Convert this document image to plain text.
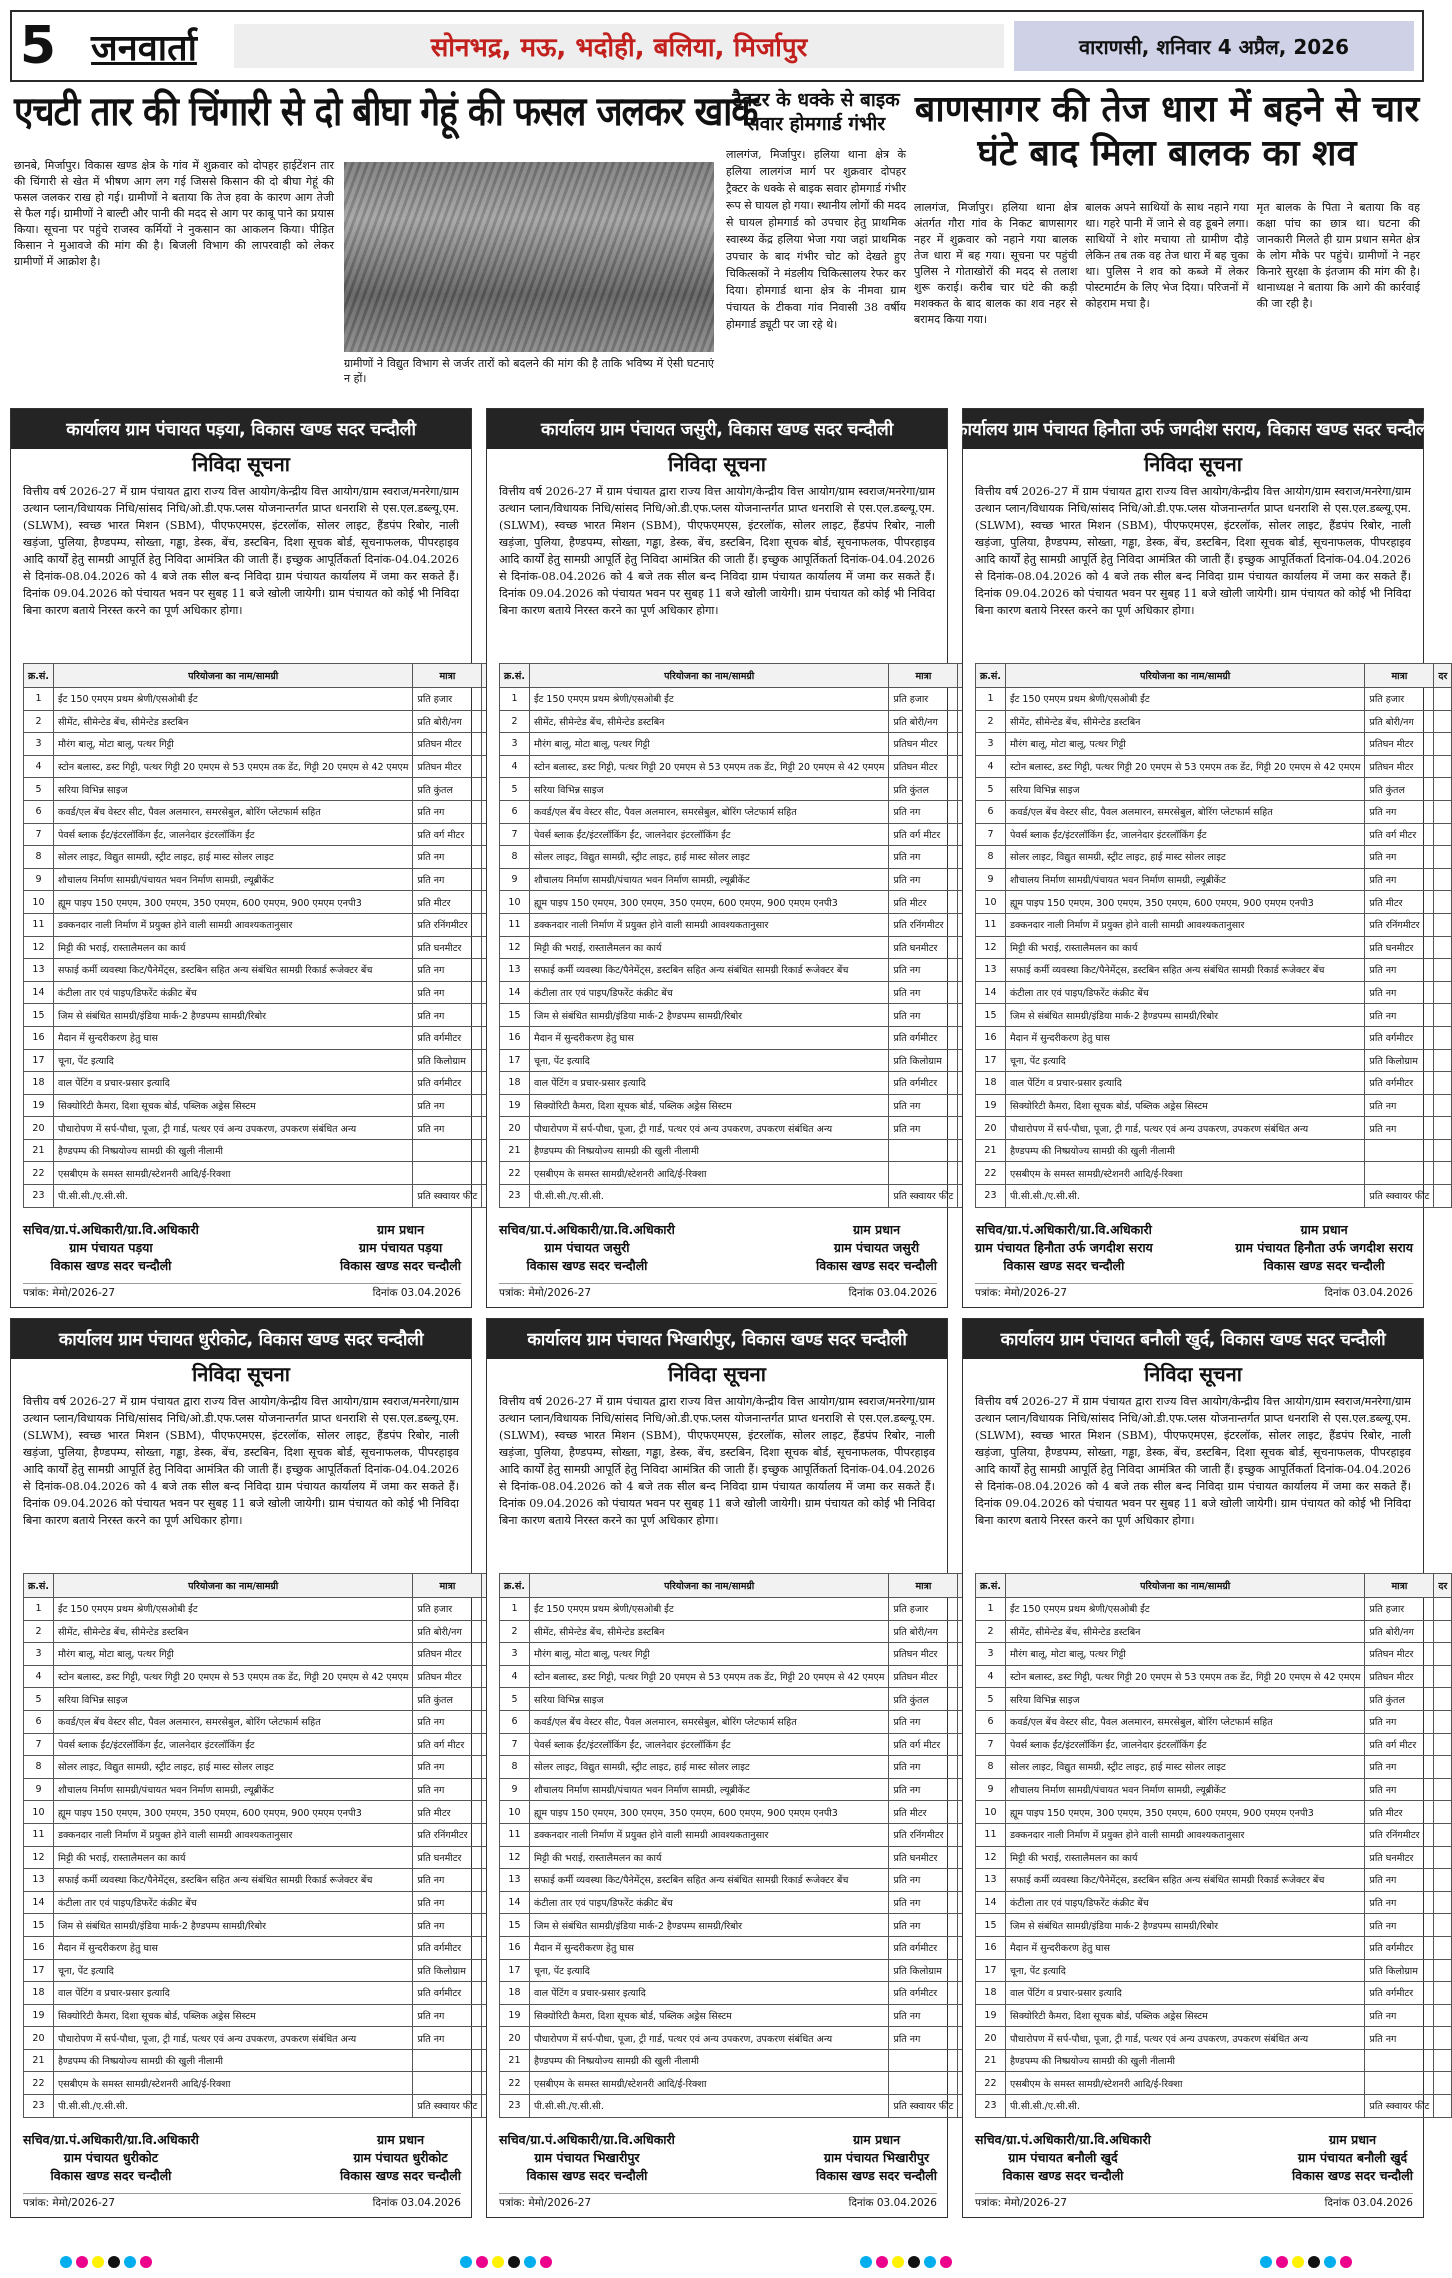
5 जनवार्ता	सोनभद्र, मऊ, भदोही, बलिया, मिर्जापुर	वाराणसी, शनिवार 4 अप्रैल, 2026
एचटी तार की चिंगारी से दो बीघा गेहूं की फसल जलकर खाक
छानबे, मिर्जापुर। विकास खण्ड क्षेत्र के गांव में शुक्रवार को दोपहर हाईटेंशन तार की चिंगारी से खेत में भीषण आग लग गई जिससे किसान की दो बीघा गेहूं की फसल जलकर राख हो गई। ग्रामीणों ने बताया कि तेज हवा के कारण आग तेजी से फैल गई। ग्रामीणों ने बाल्टी और पानी की मदद से आग पर काबू पाने का प्रयास किया। सूचना पर पहुंचे राजस्व कर्मियों ने नुकसान का आकलन किया। पीड़ित किसान ने मुआवजे की मांग की है। बिजली विभाग की लापरवाही को लेकर ग्रामीणों में आक्रोश है।
ग्रामीणों ने विद्युत विभाग से जर्जर तारों को बदलने की मांग की है ताकि भविष्य में ऐसी घटनाएं न हों।
ट्रैक्टर के धक्के से बाइक सवार होमगार्ड गंभीर
लालगंज, मिर्जापुर। हलिया थाना क्षेत्र के हलिया लालगंज मार्ग पर शुक्रवार दोपहर ट्रैक्टर के धक्के से बाइक सवार होमगार्ड गंभीर रूप से घायल हो गया। स्थानीय लोगों की मदद से घायल होमगार्ड को उपचार हेतु प्राथमिक स्वास्थ्य केंद्र हलिया भेजा गया जहां प्राथमिक उपचार के बाद गंभीर चोट को देखते हुए चिकित्सकों ने मंडलीय चिकित्सालय रेफर कर दिया। होमगार्ड थाना क्षेत्र के नीमवा ग्राम पंचायत के टीकवा गांव निवासी 38 वर्षीय होमगार्ड ड्यूटी पर जा रहे थे।
बाणसागर की तेज धारा में बहने से चार घंटे बाद मिला बालक का शव
लालगंज, मिर्जापुर। हलिया थाना क्षेत्र अंतर्गत गौरा गांव के निकट बाणसागर नहर में शुक्रवार को नहाने गया बालक तेज धारा में बह गया। सूचना पर पहुंची पुलिस ने गोताखोरों की मदद से तलाश शुरू कराई। करीब चार घंटे की कड़ी मशक्कत के बाद बालक का शव नहर से बरामद किया गया।
बालक अपने साथियों के साथ नहाने गया था। गहरे पानी में जाने से वह डूबने लगा। साथियों ने शोर मचाया तो ग्रामीण दौड़े लेकिन तब तक वह तेज धारा में बह चुका था। पुलिस ने शव को कब्जे में लेकर पोस्टमार्टम के लिए भेज दिया। परिजनों में कोहराम मचा है।
मृत बालक के पिता ने बताया कि वह कक्षा पांच का छात्र था। घटना की जानकारी मिलते ही ग्राम प्रधान समेत क्षेत्र के लोग मौके पर पहुंचे। ग्रामीणों ने नहर किनारे सुरक्षा के इंतजाम की मांग की है। थानाध्यक्ष ने बताया कि आगे की कार्रवाई की जा रही है।
कार्यालय ग्राम पंचायत पड़या, विकास खण्ड सदर चन्दौली
निविदा सूचना
वित्तीय वर्ष 2026-27 में ग्राम पंचायत द्वारा राज्य वित्त आयोग/केन्द्रीय वित्त आयोग/ग्राम स्वराज/मनरेगा/ग्राम उत्थान प्लान/विधायक निधि/सांसद निधि/ओ.डी.एफ.प्लस योजनान्तर्गत प्राप्त धनराशि से एस.एल.डब्ल्यू.एम. (SLWM), स्वच्छ भारत मिशन (SBM), पीएफएमएस, इंटरलॉक, सोलर लाइट, हैंडपंप रिबोर, नाली खड़ंजा, पुलिया, हैण्डपम्प, सोख्ता, गड्ढा, डेस्क, बेंच, डस्टबिन, दिशा सूचक बोर्ड, सूचनाफलक, पीपरहाइव आदि कार्यों हेतु सामग्री आपूर्ति हेतु निविदा आमंत्रित की जाती हैं। इच्छुक आपूर्तिकर्ता दिनांक-04.04.2026 से दिनांक-08.04.2026 को 4 बजे तक सील बन्द निविदा ग्राम पंचायत कार्यालय में जमा कर सकते हैं। दिनांक 09.04.2026 को पंचायत भवन पर सुबह 11 बजे खोली जायेगी। ग्राम पंचायत को कोई भी निविदा बिना कारण बताये निरस्त करने का पूर्ण अधिकार होगा।
क्र.सं.	परियोजना का नाम/सामग्री	मात्रा	
1	ईंट 150 एमएम प्रथम श्रेणी/एसओबी ईंट	प्रति हजार	
2	सीमेंट, सीमेन्टेड बेंच, सीमेन्टेड डस्टबिन	प्रति बोरी/नग	
3	मौरंग बालू, मोटा बालू, पत्थर गिट्टी	प्रतिघन मीटर	
4	स्टोन बलास्ट, डस्ट गिट्टी, पत्थर गिट्टी 20 एमएम से 53 एमएम तक डेंट, गिट्टी 20 एमएम से 42 एमएम	प्रतिघन मीटर	
5	सरिया विभिन्न साइज	प्रति कुंतल	
6	कवर्ड/एल बेंच वेस्टर सीट, पैवल अलमारन, समरसेबुल, बोरिंग प्लेटफार्म सहित	प्रति नग	
7	पेवर्स ब्लाक ईंट/इंटरलॉकिंग ईंट, जालनेदार इंटरलॉकिंग ईंट	प्रति वर्ग मीटर	
8	सोलर लाइट, विद्युत सामग्री, स्ट्रीट लाइट, हाई मास्ट सोलर लाइट	प्रति नग	
9	शौचालय निर्माण सामग्री/पंचायत भवन निर्माण सामग्री, ल्यूब्रीकेंट	प्रति नग	
10	ह्यूम पाइप 150 एमएम, 300 एमएम, 350 एमएम, 600 एमएम, 900 एमएम एनपी3	प्रति मीटर	
11	डक्कनदार नाली निर्माण में प्रयुक्त होने वाली सामग्री आवश्यकतानुसार	प्रति रनिंगमीटर	
12	मिट्टी की भराई, रास्तालैमलन का कार्य	प्रति घनमीटर	
13	सफाई कर्मी व्यवस्था किट/पैनेमेंट्स, डस्टबिन सहित अन्य संबंधित सामग्री रिकार्ड रूजेक्टर बेंच	प्रति नग	
14	कंटीला तार एवं पाइप/डिफरेंट कंक्रीट बेंच	प्रति नग	
15	जिम से संबंधित सामग्री/इंडिया मार्क-2 हैण्डपम्प सामग्री/रिबोर	प्रति नग	
16	मैदान में सुन्दरीकरण हेतु घास	प्रति वर्गमीटर	
17	चूना, पेंट इत्यादि	प्रति किलोग्राम	
18	वाल पेंटिंग व प्रचार-प्रसार इत्यादि	प्रति वर्गमीटर	
19	सिक्योरिटी कैमरा, दिशा सूचक बोर्ड, पब्लिक अड्रेस सिस्टम	प्रति नग	
20	पौधारोपण में सर्प-पौधा, पूजा, ट्री गार्ड, पत्थर एवं अन्य उपकरण, उपकरण संबंधित अन्य	प्रति नग	
21	हैण्डपम्प की निष्प्रयोज्य सामग्री की खुली नीलामी		
22	एसबीएम के समस्त सामग्री/स्टेशनरी आदि/ई-रिक्शा		
23	पी.सी.सी./ए.सी.सी.	प्रति स्क्वायर फीट	
सचिव/ग्रा.पं.अधिकारी/ग्रा.वि.अधिकारी
ग्राम पंचायत पड़या
विकास खण्ड सदर चन्दौली
ग्राम प्रधान
ग्राम पंचायत पड़या
विकास खण्ड सदर चन्दौली
पत्रांक: मेमो/2026-27	दिनांक 03.04.2026
कार्यालय ग्राम पंचायत जसुरी, विकास खण्ड सदर चन्दौली
निविदा सूचना
वित्तीय वर्ष 2026-27 में ग्राम पंचायत द्वारा राज्य वित्त आयोग/केन्द्रीय वित्त आयोग/ग्राम स्वराज/मनरेगा/ग्राम उत्थान प्लान/विधायक निधि/सांसद निधि/ओ.डी.एफ.प्लस योजनान्तर्गत प्राप्त धनराशि से एस.एल.डब्ल्यू.एम. (SLWM), स्वच्छ भारत मिशन (SBM), पीएफएमएस, इंटरलॉक, सोलर लाइट, हैंडपंप रिबोर, नाली खड़ंजा, पुलिया, हैण्डपम्प, सोख्ता, गड्ढा, डेस्क, बेंच, डस्टबिन, दिशा सूचक बोर्ड, सूचनाफलक, पीपरहाइव आदि कार्यों हेतु सामग्री आपूर्ति हेतु निविदा आमंत्रित की जाती हैं। इच्छुक आपूर्तिकर्ता दिनांक-04.04.2026 से दिनांक-08.04.2026 को 4 बजे तक सील बन्द निविदा ग्राम पंचायत कार्यालय में जमा कर सकते हैं। दिनांक 09.04.2026 को पंचायत भवन पर सुबह 11 बजे खोली जायेगी। ग्राम पंचायत को कोई भी निविदा बिना कारण बताये निरस्त करने का पूर्ण अधिकार होगा।
क्र.सं.	परियोजना का नाम/सामग्री	मात्रा	
1	ईंट 150 एमएम प्रथम श्रेणी/एसओबी ईंट	प्रति हजार	
2	सीमेंट, सीमेन्टेड बेंच, सीमेन्टेड डस्टबिन	प्रति बोरी/नग	
3	मौरंग बालू, मोटा बालू, पत्थर गिट्टी	प्रतिघन मीटर	
4	स्टोन बलास्ट, डस्ट गिट्टी, पत्थर गिट्टी 20 एमएम से 53 एमएम तक डेंट, गिट्टी 20 एमएम से 42 एमएम	प्रतिघन मीटर	
5	सरिया विभिन्न साइज	प्रति कुंतल	
6	कवर्ड/एल बेंच वेस्टर सीट, पैवल अलमारन, समरसेबुल, बोरिंग प्लेटफार्म सहित	प्रति नग	
7	पेवर्स ब्लाक ईंट/इंटरलॉकिंग ईंट, जालनेदार इंटरलॉकिंग ईंट	प्रति वर्ग मीटर	
8	सोलर लाइट, विद्युत सामग्री, स्ट्रीट लाइट, हाई मास्ट सोलर लाइट	प्रति नग	
9	शौचालय निर्माण सामग्री/पंचायत भवन निर्माण सामग्री, ल्यूब्रीकेंट	प्रति नग	
10	ह्यूम पाइप 150 एमएम, 300 एमएम, 350 एमएम, 600 एमएम, 900 एमएम एनपी3	प्रति मीटर	
11	डक्कनदार नाली निर्माण में प्रयुक्त होने वाली सामग्री आवश्यकतानुसार	प्रति रनिंगमीटर	
12	मिट्टी की भराई, रास्तालैमलन का कार्य	प्रति घनमीटर	
13	सफाई कर्मी व्यवस्था किट/पैनेमेंट्स, डस्टबिन सहित अन्य संबंधित सामग्री रिकार्ड रूजेक्टर बेंच	प्रति नग	
14	कंटीला तार एवं पाइप/डिफरेंट कंक्रीट बेंच	प्रति नग	
15	जिम से संबंधित सामग्री/इंडिया मार्क-2 हैण्डपम्प सामग्री/रिबोर	प्रति नग	
16	मैदान में सुन्दरीकरण हेतु घास	प्रति वर्गमीटर	
17	चूना, पेंट इत्यादि	प्रति किलोग्राम	
18	वाल पेंटिंग व प्रचार-प्रसार इत्यादि	प्रति वर्गमीटर	
19	सिक्योरिटी कैमरा, दिशा सूचक बोर्ड, पब्लिक अड्रेस सिस्टम	प्रति नग	
20	पौधारोपण में सर्प-पौधा, पूजा, ट्री गार्ड, पत्थर एवं अन्य उपकरण, उपकरण संबंधित अन्य	प्रति नग	
21	हैण्डपम्प की निष्प्रयोज्य सामग्री की खुली नीलामी		
22	एसबीएम के समस्त सामग्री/स्टेशनरी आदि/ई-रिक्शा		
23	पी.सी.सी./ए.सी.सी.	प्रति स्क्वायर फीट	
सचिव/ग्रा.पं.अधिकारी/ग्रा.वि.अधिकारी
ग्राम पंचायत जसुरी
विकास खण्ड सदर चन्दौली
ग्राम प्रधान
ग्राम पंचायत जसुरी
विकास खण्ड सदर चन्दौली
पत्रांक: मेमो/2026-27	दिनांक 03.04.2026
कार्यालय ग्राम पंचायत हिनौता उर्फ जगदीश सराय, विकास खण्ड सदर चन्दौली
निविदा सूचना
वित्तीय वर्ष 2026-27 में ग्राम पंचायत द्वारा राज्य वित्त आयोग/केन्द्रीय वित्त आयोग/ग्राम स्वराज/मनरेगा/ग्राम उत्थान प्लान/विधायक निधि/सांसद निधि/ओ.डी.एफ.प्लस योजनान्तर्गत प्राप्त धनराशि से एस.एल.डब्ल्यू.एम. (SLWM), स्वच्छ भारत मिशन (SBM), पीएफएमएस, इंटरलॉक, सोलर लाइट, हैंडपंप रिबोर, नाली खड़ंजा, पुलिया, हैण्डपम्प, सोख्ता, गड्ढा, डेस्क, बेंच, डस्टबिन, दिशा सूचक बोर्ड, सूचनाफलक, पीपरहाइव आदि कार्यों हेतु सामग्री आपूर्ति हेतु निविदा आमंत्रित की जाती हैं। इच्छुक आपूर्तिकर्ता दिनांक-04.04.2026 से दिनांक-08.04.2026 को 4 बजे तक सील बन्द निविदा ग्राम पंचायत कार्यालय में जमा कर सकते हैं। दिनांक 09.04.2026 को पंचायत भवन पर सुबह 11 बजे खोली जायेगी। ग्राम पंचायत को कोई भी निविदा बिना कारण बताये निरस्त करने का पूर्ण अधिकार होगा।
क्र.सं.	परियोजना का नाम/सामग्री	मात्रा	दर
1	ईंट 150 एमएम प्रथम श्रेणी/एसओबी ईंट	प्रति हजार	
2	सीमेंट, सीमेन्टेड बेंच, सीमेन्टेड डस्टबिन	प्रति बोरी/नग	
3	मौरंग बालू, मोटा बालू, पत्थर गिट्टी	प्रतिघन मीटर	
4	स्टोन बलास्ट, डस्ट गिट्टी, पत्थर गिट्टी 20 एमएम से 53 एमएम तक डेंट, गिट्टी 20 एमएम से 42 एमएम	प्रतिघन मीटर	
5	सरिया विभिन्न साइज	प्रति कुंतल	
6	कवर्ड/एल बेंच वेस्टर सीट, पैवल अलमारन, समरसेबुल, बोरिंग प्लेटफार्म सहित	प्रति नग	
7	पेवर्स ब्लाक ईंट/इंटरलॉकिंग ईंट, जालनेदार इंटरलॉकिंग ईंट	प्रति वर्ग मीटर	
8	सोलर लाइट, विद्युत सामग्री, स्ट्रीट लाइट, हाई मास्ट सोलर लाइट	प्रति नग	
9	शौचालय निर्माण सामग्री/पंचायत भवन निर्माण सामग्री, ल्यूब्रीकेंट	प्रति नग	
10	ह्यूम पाइप 150 एमएम, 300 एमएम, 350 एमएम, 600 एमएम, 900 एमएम एनपी3	प्रति मीटर	
11	डक्कनदार नाली निर्माण में प्रयुक्त होने वाली सामग्री आवश्यकतानुसार	प्रति रनिंगमीटर	
12	मिट्टी की भराई, रास्तालैमलन का कार्य	प्रति घनमीटर	
13	सफाई कर्मी व्यवस्था किट/पैनेमेंट्स, डस्टबिन सहित अन्य संबंधित सामग्री रिकार्ड रूजेक्टर बेंच	प्रति नग	
14	कंटीला तार एवं पाइप/डिफरेंट कंक्रीट बेंच	प्रति नग	
15	जिम से संबंधित सामग्री/इंडिया मार्क-2 हैण्डपम्प सामग्री/रिबोर	प्रति नग	
16	मैदान में सुन्दरीकरण हेतु घास	प्रति वर्गमीटर	
17	चूना, पेंट इत्यादि	प्रति किलोग्राम	
18	वाल पेंटिंग व प्रचार-प्रसार इत्यादि	प्रति वर्गमीटर	
19	सिक्योरिटी कैमरा, दिशा सूचक बोर्ड, पब्लिक अड्रेस सिस्टम	प्रति नग	
20	पौधारोपण में सर्प-पौधा, पूजा, ट्री गार्ड, पत्थर एवं अन्य उपकरण, उपकरण संबंधित अन्य	प्रति नग	
21	हैण्डपम्प की निष्प्रयोज्य सामग्री की खुली नीलामी		
22	एसबीएम के समस्त सामग्री/स्टेशनरी आदि/ई-रिक्शा		
23	पी.सी.सी./ए.सी.सी.	प्रति स्क्वायर फीट	
सचिव/ग्रा.पं.अधिकारी/ग्रा.वि.अधिकारी
ग्राम पंचायत हिनौता उर्फ जगदीश सराय
विकास खण्ड सदर चन्दौली
ग्राम प्रधान
ग्राम पंचायत हिनौता उर्फ जगदीश सराय
विकास खण्ड सदर चन्दौली
पत्रांक: मेमो/2026-27	दिनांक 03.04.2026
कार्यालय ग्राम पंचायत धुरीकोट, विकास खण्ड सदर चन्दौली
निविदा सूचना
वित्तीय वर्ष 2026-27 में ग्राम पंचायत द्वारा राज्य वित्त आयोग/केन्द्रीय वित्त आयोग/ग्राम स्वराज/मनरेगा/ग्राम उत्थान प्लान/विधायक निधि/सांसद निधि/ओ.डी.एफ.प्लस योजनान्तर्गत प्राप्त धनराशि से एस.एल.डब्ल्यू.एम. (SLWM), स्वच्छ भारत मिशन (SBM), पीएफएमएस, इंटरलॉक, सोलर लाइट, हैंडपंप रिबोर, नाली खड़ंजा, पुलिया, हैण्डपम्प, सोख्ता, गड्ढा, डेस्क, बेंच, डस्टबिन, दिशा सूचक बोर्ड, सूचनाफलक, पीपरहाइव आदि कार्यों हेतु सामग्री आपूर्ति हेतु निविदा आमंत्रित की जाती हैं। इच्छुक आपूर्तिकर्ता दिनांक-04.04.2026 से दिनांक-08.04.2026 को 4 बजे तक सील बन्द निविदा ग्राम पंचायत कार्यालय में जमा कर सकते हैं। दिनांक 09.04.2026 को पंचायत भवन पर सुबह 11 बजे खोली जायेगी। ग्राम पंचायत को कोई भी निविदा बिना कारण बताये निरस्त करने का पूर्ण अधिकार होगा।
क्र.सं.	परियोजना का नाम/सामग्री	मात्रा	
1	ईंट 150 एमएम प्रथम श्रेणी/एसओबी ईंट	प्रति हजार	
2	सीमेंट, सीमेन्टेड बेंच, सीमेन्टेड डस्टबिन	प्रति बोरी/नग	
3	मौरंग बालू, मोटा बालू, पत्थर गिट्टी	प्रतिघन मीटर	
4	स्टोन बलास्ट, डस्ट गिट्टी, पत्थर गिट्टी 20 एमएम से 53 एमएम तक डेंट, गिट्टी 20 एमएम से 42 एमएम	प्रतिघन मीटर	
5	सरिया विभिन्न साइज	प्रति कुंतल	
6	कवर्ड/एल बेंच वेस्टर सीट, पैवल अलमारन, समरसेबुल, बोरिंग प्लेटफार्म सहित	प्रति नग	
7	पेवर्स ब्लाक ईंट/इंटरलॉकिंग ईंट, जालनेदार इंटरलॉकिंग ईंट	प्रति वर्ग मीटर	
8	सोलर लाइट, विद्युत सामग्री, स्ट्रीट लाइट, हाई मास्ट सोलर लाइट	प्रति नग	
9	शौचालय निर्माण सामग्री/पंचायत भवन निर्माण सामग्री, ल्यूब्रीकेंट	प्रति नग	
10	ह्यूम पाइप 150 एमएम, 300 एमएम, 350 एमएम, 600 एमएम, 900 एमएम एनपी3	प्रति मीटर	
11	डक्कनदार नाली निर्माण में प्रयुक्त होने वाली सामग्री आवश्यकतानुसार	प्रति रनिंगमीटर	
12	मिट्टी की भराई, रास्तालैमलन का कार्य	प्रति घनमीटर	
13	सफाई कर्मी व्यवस्था किट/पैनेमेंट्स, डस्टबिन सहित अन्य संबंधित सामग्री रिकार्ड रूजेक्टर बेंच	प्रति नग	
14	कंटीला तार एवं पाइप/डिफरेंट कंक्रीट बेंच	प्रति नग	
15	जिम से संबंधित सामग्री/इंडिया मार्क-2 हैण्डपम्प सामग्री/रिबोर	प्रति नग	
16	मैदान में सुन्दरीकरण हेतु घास	प्रति वर्गमीटर	
17	चूना, पेंट इत्यादि	प्रति किलोग्राम	
18	वाल पेंटिंग व प्रचार-प्रसार इत्यादि	प्रति वर्गमीटर	
19	सिक्योरिटी कैमरा, दिशा सूचक बोर्ड, पब्लिक अड्रेस सिस्टम	प्रति नग	
20	पौधारोपण में सर्प-पौधा, पूजा, ट्री गार्ड, पत्थर एवं अन्य उपकरण, उपकरण संबंधित अन्य	प्रति नग	
21	हैण्डपम्प की निष्प्रयोज्य सामग्री की खुली नीलामी		
22	एसबीएम के समस्त सामग्री/स्टेशनरी आदि/ई-रिक्शा		
23	पी.सी.सी./ए.सी.सी.	प्रति स्क्वायर फीट	
सचिव/ग्रा.पं.अधिकारी/ग्रा.वि.अधिकारी
ग्राम पंचायत धुरीकोट
विकास खण्ड सदर चन्दौली
ग्राम प्रधान
ग्राम पंचायत धुरीकोट
विकास खण्ड सदर चन्दौली
पत्रांक: मेमो/2026-27	दिनांक 03.04.2026
कार्यालय ग्राम पंचायत भिखारीपुर, विकास खण्ड सदर चन्दौली
निविदा सूचना
वित्तीय वर्ष 2026-27 में ग्राम पंचायत द्वारा राज्य वित्त आयोग/केन्द्रीय वित्त आयोग/ग्राम स्वराज/मनरेगा/ग्राम उत्थान प्लान/विधायक निधि/सांसद निधि/ओ.डी.एफ.प्लस योजनान्तर्गत प्राप्त धनराशि से एस.एल.डब्ल्यू.एम. (SLWM), स्वच्छ भारत मिशन (SBM), पीएफएमएस, इंटरलॉक, सोलर लाइट, हैंडपंप रिबोर, नाली खड़ंजा, पुलिया, हैण्डपम्प, सोख्ता, गड्ढा, डेस्क, बेंच, डस्टबिन, दिशा सूचक बोर्ड, सूचनाफलक, पीपरहाइव आदि कार्यों हेतु सामग्री आपूर्ति हेतु निविदा आमंत्रित की जाती हैं। इच्छुक आपूर्तिकर्ता दिनांक-04.04.2026 से दिनांक-08.04.2026 को 4 बजे तक सील बन्द निविदा ग्राम पंचायत कार्यालय में जमा कर सकते हैं। दिनांक 09.04.2026 को पंचायत भवन पर सुबह 11 बजे खोली जायेगी। ग्राम पंचायत को कोई भी निविदा बिना कारण बताये निरस्त करने का पूर्ण अधिकार होगा।
क्र.सं.	परियोजना का नाम/सामग्री	मात्रा	
1	ईंट 150 एमएम प्रथम श्रेणी/एसओबी ईंट	प्रति हजार	
2	सीमेंट, सीमेन्टेड बेंच, सीमेन्टेड डस्टबिन	प्रति बोरी/नग	
3	मौरंग बालू, मोटा बालू, पत्थर गिट्टी	प्रतिघन मीटर	
4	स्टोन बलास्ट, डस्ट गिट्टी, पत्थर गिट्टी 20 एमएम से 53 एमएम तक डेंट, गिट्टी 20 एमएम से 42 एमएम	प्रतिघन मीटर	
5	सरिया विभिन्न साइज	प्रति कुंतल	
6	कवर्ड/एल बेंच वेस्टर सीट, पैवल अलमारन, समरसेबुल, बोरिंग प्लेटफार्म सहित	प्रति नग	
7	पेवर्स ब्लाक ईंट/इंटरलॉकिंग ईंट, जालनेदार इंटरलॉकिंग ईंट	प्रति वर्ग मीटर	
8	सोलर लाइट, विद्युत सामग्री, स्ट्रीट लाइट, हाई मास्ट सोलर लाइट	प्रति नग	
9	शौचालय निर्माण सामग्री/पंचायत भवन निर्माण सामग्री, ल्यूब्रीकेंट	प्रति नग	
10	ह्यूम पाइप 150 एमएम, 300 एमएम, 350 एमएम, 600 एमएम, 900 एमएम एनपी3	प्रति मीटर	
11	डक्कनदार नाली निर्माण में प्रयुक्त होने वाली सामग्री आवश्यकतानुसार	प्रति रनिंगमीटर	
12	मिट्टी की भराई, रास्तालैमलन का कार्य	प्रति घनमीटर	
13	सफाई कर्मी व्यवस्था किट/पैनेमेंट्स, डस्टबिन सहित अन्य संबंधित सामग्री रिकार्ड रूजेक्टर बेंच	प्रति नग	
14	कंटीला तार एवं पाइप/डिफरेंट कंक्रीट बेंच	प्रति नग	
15	जिम से संबंधित सामग्री/इंडिया मार्क-2 हैण्डपम्प सामग्री/रिबोर	प्रति नग	
16	मैदान में सुन्दरीकरण हेतु घास	प्रति वर्गमीटर	
17	चूना, पेंट इत्यादि	प्रति किलोग्राम	
18	वाल पेंटिंग व प्रचार-प्रसार इत्यादि	प्रति वर्गमीटर	
19	सिक्योरिटी कैमरा, दिशा सूचक बोर्ड, पब्लिक अड्रेस सिस्टम	प्रति नग	
20	पौधारोपण में सर्प-पौधा, पूजा, ट्री गार्ड, पत्थर एवं अन्य उपकरण, उपकरण संबंधित अन्य	प्रति नग	
21	हैण्डपम्प की निष्प्रयोज्य सामग्री की खुली नीलामी		
22	एसबीएम के समस्त सामग्री/स्टेशनरी आदि/ई-रिक्शा		
23	पी.सी.सी./ए.सी.सी.	प्रति स्क्वायर फीट	
सचिव/ग्रा.पं.अधिकारी/ग्रा.वि.अधिकारी
ग्राम पंचायत भिखारीपुर
विकास खण्ड सदर चन्दौली
ग्राम प्रधान
ग्राम पंचायत भिखारीपुर
विकास खण्ड सदर चन्दौली
पत्रांक: मेमो/2026-27	दिनांक 03.04.2026
कार्यालय ग्राम पंचायत बनौली खुर्द, विकास खण्ड सदर चन्दौली
निविदा सूचना
वित्तीय वर्ष 2026-27 में ग्राम पंचायत द्वारा राज्य वित्त आयोग/केन्द्रीय वित्त आयोग/ग्राम स्वराज/मनरेगा/ग्राम उत्थान प्लान/विधायक निधि/सांसद निधि/ओ.डी.एफ.प्लस योजनान्तर्गत प्राप्त धनराशि से एस.एल.डब्ल्यू.एम. (SLWM), स्वच्छ भारत मिशन (SBM), पीएफएमएस, इंटरलॉक, सोलर लाइट, हैंडपंप रिबोर, नाली खड़ंजा, पुलिया, हैण्डपम्प, सोख्ता, गड्ढा, डेस्क, बेंच, डस्टबिन, दिशा सूचक बोर्ड, सूचनाफलक, पीपरहाइव आदि कार्यों हेतु सामग्री आपूर्ति हेतु निविदा आमंत्रित की जाती हैं। इच्छुक आपूर्तिकर्ता दिनांक-04.04.2026 से दिनांक-08.04.2026 को 4 बजे तक सील बन्द निविदा ग्राम पंचायत कार्यालय में जमा कर सकते हैं। दिनांक 09.04.2026 को पंचायत भवन पर सुबह 11 बजे खोली जायेगी। ग्राम पंचायत को कोई भी निविदा बिना कारण बताये निरस्त करने का पूर्ण अधिकार होगा।
क्र.सं.	परियोजना का नाम/सामग्री	मात्रा	दर
1	ईंट 150 एमएम प्रथम श्रेणी/एसओबी ईंट	प्रति हजार	
2	सीमेंट, सीमेन्टेड बेंच, सीमेन्टेड डस्टबिन	प्रति बोरी/नग	
3	मौरंग बालू, मोटा बालू, पत्थर गिट्टी	प्रतिघन मीटर	
4	स्टोन बलास्ट, डस्ट गिट्टी, पत्थर गिट्टी 20 एमएम से 53 एमएम तक डेंट, गिट्टी 20 एमएम से 42 एमएम	प्रतिघन मीटर	
5	सरिया विभिन्न साइज	प्रति कुंतल	
6	कवर्ड/एल बेंच वेस्टर सीट, पैवल अलमारन, समरसेबुल, बोरिंग प्लेटफार्म सहित	प्रति नग	
7	पेवर्स ब्लाक ईंट/इंटरलॉकिंग ईंट, जालनेदार इंटरलॉकिंग ईंट	प्रति वर्ग मीटर	
8	सोलर लाइट, विद्युत सामग्री, स्ट्रीट लाइट, हाई मास्ट सोलर लाइट	प्रति नग	
9	शौचालय निर्माण सामग्री/पंचायत भवन निर्माण सामग्री, ल्यूब्रीकेंट	प्रति नग	
10	ह्यूम पाइप 150 एमएम, 300 एमएम, 350 एमएम, 600 एमएम, 900 एमएम एनपी3	प्रति मीटर	
11	डक्कनदार नाली निर्माण में प्रयुक्त होने वाली सामग्री आवश्यकतानुसार	प्रति रनिंगमीटर	
12	मिट्टी की भराई, रास्तालैमलन का कार्य	प्रति घनमीटर	
13	सफाई कर्मी व्यवस्था किट/पैनेमेंट्स, डस्टबिन सहित अन्य संबंधित सामग्री रिकार्ड रूजेक्टर बेंच	प्रति नग	
14	कंटीला तार एवं पाइप/डिफरेंट कंक्रीट बेंच	प्रति नग	
15	जिम से संबंधित सामग्री/इंडिया मार्क-2 हैण्डपम्प सामग्री/रिबोर	प्रति नग	
16	मैदान में सुन्दरीकरण हेतु घास	प्रति वर्गमीटर	
17	चूना, पेंट इत्यादि	प्रति किलोग्राम	
18	वाल पेंटिंग व प्रचार-प्रसार इत्यादि	प्रति वर्गमीटर	
19	सिक्योरिटी कैमरा, दिशा सूचक बोर्ड, पब्लिक अड्रेस सिस्टम	प्रति नग	
20	पौधारोपण में सर्प-पौधा, पूजा, ट्री गार्ड, पत्थर एवं अन्य उपकरण, उपकरण संबंधित अन्य	प्रति नग	
21	हैण्डपम्प की निष्प्रयोज्य सामग्री की खुली नीलामी		
22	एसबीएम के समस्त सामग्री/स्टेशनरी आदि/ई-रिक्शा		
23	पी.सी.सी./ए.सी.सी.	प्रति स्क्वायर फीट	
सचिव/ग्रा.पं.अधिकारी/ग्रा.वि.अधिकारी
ग्राम पंचायत बनौली खुर्द
विकास खण्ड सदर चन्दौली
ग्राम प्रधान
ग्राम पंचायत बनौली खुर्द
विकास खण्ड सदर चन्दौली
पत्रांक: मेमो/2026-27	दिनांक 03.04.2026
